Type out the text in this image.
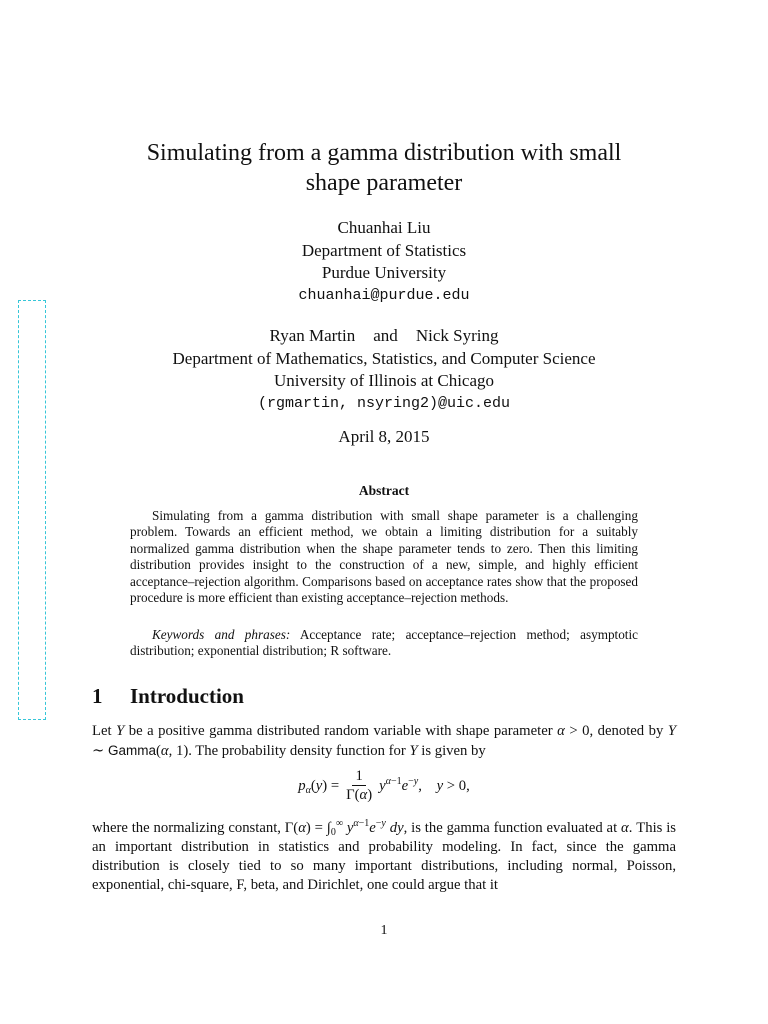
Simulating from a gamma distribution with small
shape parameter
Chuanhai Liu
Department of Statistics
Purdue University
chuanhai@purdue.edu
Ryan Martin and Nick Syring
Department of Mathematics, Statistics, and Computer Science
University of Illinois at Chicago
(rgmartin, nsyring2)@uic.edu
April 8, 2015
Abstract

Simulating from a gamma distribution with small shape parameter is a challenging problem. Towards an efficient method, we obtain a limiting distribution for a suitably normalized gamma distribution when the shape parameter tends to zero. Then this limiting distribution provides insight to the construction of a new, simple, and highly efficient acceptance–rejection algorithm. Comparisons based on acceptance rates show that the proposed procedure is more efficient than existing acceptance–rejection methods.

Keywords and phrases: Acceptance rate; acceptance–rejection method; asymptotic distribution; exponential distribution; R software.

1 Introduction

Let Y be a positive gamma distributed random variable with shape parameter α > 0, denoted by Y ∼ Gamma(α, 1). The probability density function for Y is given by

$p_\alpha(y) = \frac{1}{\Gamma(\alpha)} y^{\alpha-1}e^{-y}$,    y > 0,

where the normalizing constant, $\Gamma(\alpha) = \int_0^\infty$ $y^{\alpha-1}e^{-y}$ dy, is the gamma function evaluated at α. This is an important distribution in statistics and probability modeling. In fact, since the gamma distribution is closely tied to so many important distributions, including normal, Poisson, exponential, chi-square, F, beta, and Dirichlet, one could argue that it

1
